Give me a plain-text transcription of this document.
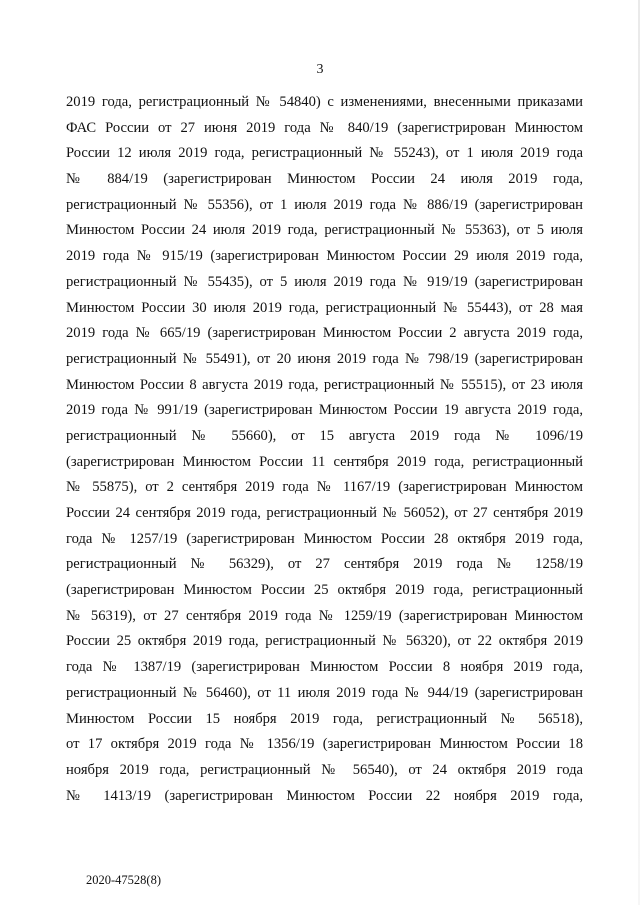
3
2019 года, регистрационный № 54840) с изменениями, внесенными приказами
ФАС России от 27 июня 2019 года № 840/19 (зарегистрирован Минюстом
России 12 июля 2019 года, регистрационный № 55243), от 1 июля 2019 года
№ 884/19 (зарегистрирован Минюстом России 24 июля 2019 года,
регистрационный № 55356), от 1 июля 2019 года № 886/19 (зарегистрирован
Минюстом России 24 июля 2019 года, регистрационный № 55363), от 5 июля
2019 года № 915/19 (зарегистрирован Минюстом России 29 июля 2019 года,
регистрационный № 55435), от 5 июля 2019 года № 919/19 (зарегистрирован
Минюстом России 30 июля 2019 года, регистрационный № 55443), от 28 мая
2019 года № 665/19 (зарегистрирован Минюстом России 2 августа 2019 года,
регистрационный № 55491), от 20 июня 2019 года № 798/19 (зарегистрирован
Минюстом России 8 августа 2019 года, регистрационный № 55515), от 23 июля
2019 года № 991/19 (зарегистрирован Минюстом России 19 августа 2019 года,
регистрационный № 55660), от 15 августа 2019 года № 1096/19
(зарегистрирован Минюстом России 11 сентября 2019 года, регистрационный
№ 55875), от 2 сентября 2019 года № 1167/19 (зарегистрирован Минюстом
России 24 сентября 2019 года, регистрационный № 56052), от 27 сентября 2019
года № 1257/19 (зарегистрирован Минюстом России 28 октября 2019 года,
регистрационный № 56329), от 27 сентября 2019 года № 1258/19
(зарегистрирован Минюстом России 25 октября 2019 года, регистрационный
№ 56319), от 27 сентября 2019 года № 1259/19 (зарегистрирован Минюстом
России 25 октября 2019 года, регистрационный № 56320), от 22 октября 2019
года № 1387/19 (зарегистрирован Минюстом России 8 ноября 2019 года,
регистрационный № 56460), от 11 июля 2019 года № 944/19 (зарегистрирован
Минюстом России 15 ноября 2019 года, регистрационный № 56518),
от 17 октября 2019 года № 1356/19 (зарегистрирован Минюстом России 18
ноября 2019 года, регистрационный № 56540), от 24 октября 2019 года
№ 1413/19 (зарегистрирован Минюстом России 22 ноября 2019 года,
2020-47528(8)
